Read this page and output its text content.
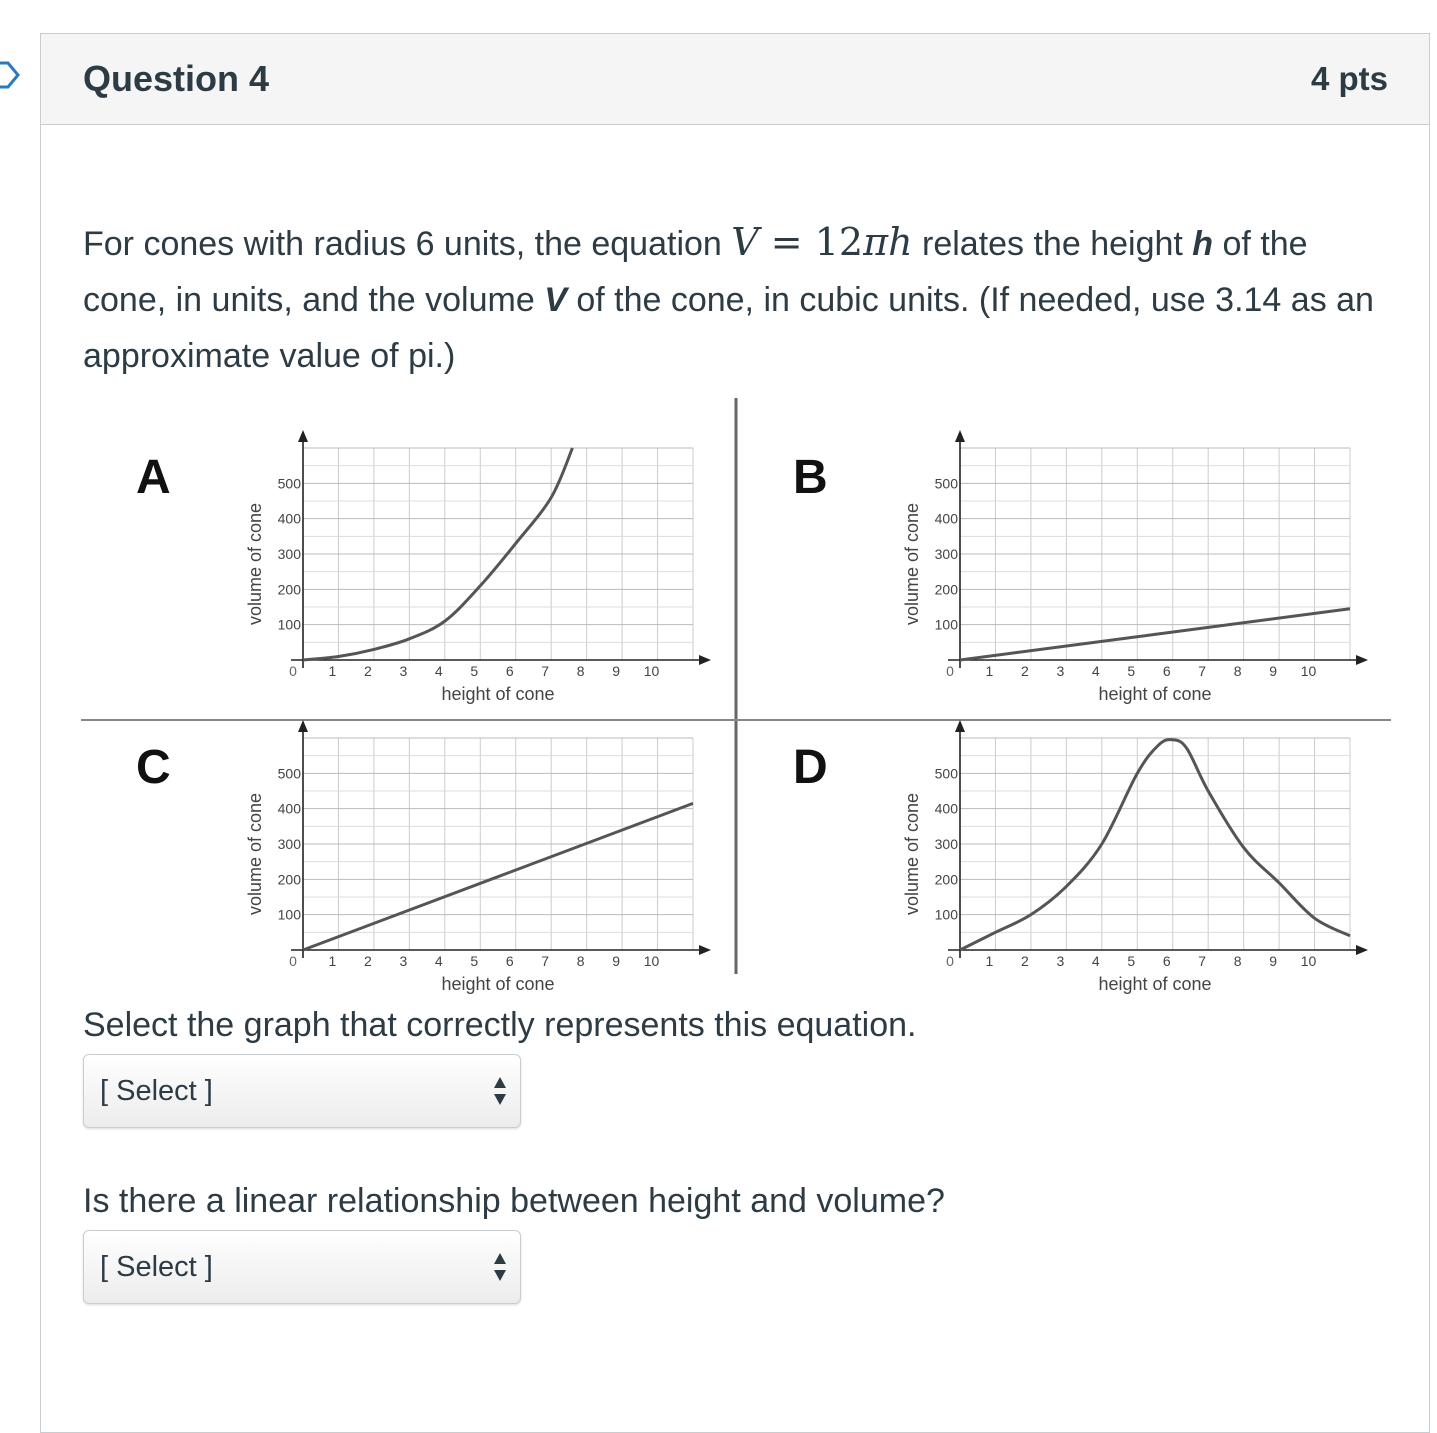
Question 4	4 pts
For cones with radius 6 units, the equation V = 12πh relates the height h of the cone, in units, and the volume V of the cone, in cubic units. (If needed, use 3.14 as an approximate value of pi.)
A
1 2 3 4 5 6 7 8 9 10
0
100
200
300
400
500
height of cone
volume of cone
B
1 2 3 4 5 6 7 8 9 10
0
100
200
300
400
500
height of cone
volume of cone
C
1 2 3 4 5 6 7 8 9 10
0
100
200
300
400
500
height of cone
volume of cone
D
1 2 3 4 5 6 7 8 9 10
0
100
200
300
400
500
height of cone
volume of cone
Select the graph that correctly represents this equation.
[ Select ]
Is there a linear relationship between height and volume?
[ Select ]
